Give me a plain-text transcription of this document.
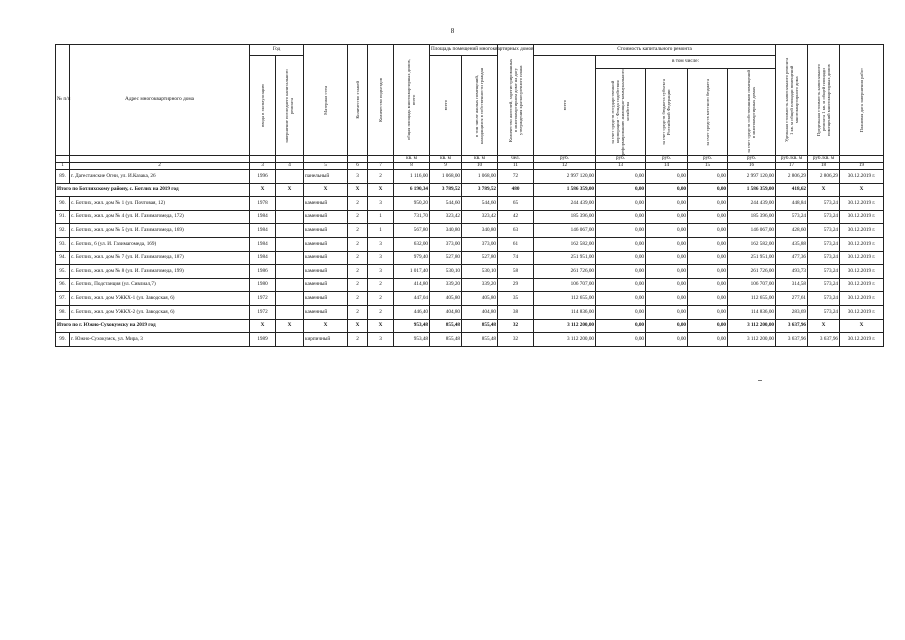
8
№ п/п	Адрес многоквартирного дома	Год		Материал стен	Количество этажей	Количество подъездов	общая площадь многоквартирных домов, всего	Площадь помещений многоквартирных домов		Количество жителей, зарегистрированных в многоквартирном доме на дату утверждения краткосрочного плана	Стоимость капитального ремонта					Удельная стоимость капитального ремонта 1 кв. м общей площади помещений многоквартирного дома	Предельная стоимость капитального ремонта 1 кв. м общей площади помещений многоквартирных домов	Плановая дата завершения работ

		ввода в эксплуатацию	завершение последнего капитального ремонта					всего	в том числе жилых помещений, находящихся в собственности граждан		всего	в том числе:						

												за счет средств государственной корпорации - Фонда содействия реформированию жилищно-коммунального хозяйства	за счет средств бюджета субъекта Российской Федерации	за счет средств местного бюджета	за счет средств собственников помещений в многоквартирных домах			

							кв. м	кв. м	кв. м	чел.	руб.	руб.	руб.	руб.	руб.	руб./кв. м	руб./кв. м	
1	2	3	4	5	6	7	8	9	10	11	12	13	14	15	16	17	18	19
89.	г. Дагестанские Огни, ул. И.Казака, 26	1996		панельный	3	2	1 116,00	1 068,00	1 068,00	72	2 997 120,00	0,00	0,00	0,00	2 997 120,00	2 806,29	2 806,29	30.12.2019 г.
Итого по Ботлихскому району, с. Ботлих на 2019 год		X	X	X	X	X	6 190,34	3 789,52	3 789,52	480	1 586 359,00	0,00	0,00	0,00	1 586 359,00	418,62	X	X
90.	с. Ботлих, жил. дом № 1 (ул. Почтовая, 12)	1978		каменный	2	3	950,20	544,60	544,60	65	244 439,00	0,00	0,00	0,00	244 439,00	448,84	573,24	30.12.2019 г.
91.	с. Ботлих, жил. дом № 4 (ул. И. Газимагомеда, 172)	1984		каменный	2	1	731,70	323,42	323,42	42	185 396,00	0,00	0,00	0,00	185 396,00	573,24	573,24	30.12.2019 г.
92.	с. Ботлих, жил. дом № 5 (ул. И. Газимагомеда, 169)	1984		каменный	2	1	567,80	340,80	340,80	63	146 067,00	0,00	0,00	0,00	146 067,00	428,60	573,24	30.12.2019 г.
93.	с. Ботлих, 6 (ул. И. Газимагомеда, 169)	1984		каменный	2	3	632,00	373,00	373,00	61	162 582,00	0,00	0,00	0,00	162 582,00	435,88	573,24	30.12.2019 г.
94.	с. Ботлих, жил. дом № 7 (ул. И. Газимагомеда, 187)	1984		каменный	2	3	979,40	527,80	527,80	74	251 951,00	0,00	0,00	0,00	251 951,00	477,36	573,24	30.12.2019 г.
95.	с. Ботлих, жил. дом № 8 (ул. И. Газимагомеда, 199)	1986		каменный	2	3	1 017,40	530,10	530,10	58	261 726,00	0,00	0,00	0,00	261 726,00	493,73	573,24	30.12.2019 г.
96.	с. Ботлих, Подстанция (ул. Сивлиал,7)	1980		каменный	2	2	414,80	339,20	339,20	29	106 707,00	0,00	0,00	0,00	106 707,00	314,58	573,24	30.12.2019 г.
97.	с. Ботлих, жил. дом УЖКХ-1 (ул. Заводская, 6)	1972		каменный	2	2	447,04	405,80	405,80	35	112 655,00	0,00	0,00	0,00	112 655,00	277,61	573,24	30.12.2019 г.
98.	с. Ботлих, жил. дом УЖКХ-2 (ул. Заводская, 6)	1972		каменный	2	2	446,40	404,80	404,80	38	114 836,00	0,00	0,00	0,00	114 836,00	283,69	573,24	30.12.2019 г.
Итого по г. Южно-Сухокумску на 2019 год		X	X	X	X	X	953,48	855,48	855,48	32	3 112 200,00	0,00	0,00	0,00	3 112 200,00	3 637,96	X	X
99.	г. Южно-Сухокумск, ул. Мира, 3	1989		кирпичный	2	3	953,48	855,48	855,48	32	3 112 200,00	0,00	0,00	0,00	3 112 200,00	3 637,96	3 637,96	30.12.2019 г.
